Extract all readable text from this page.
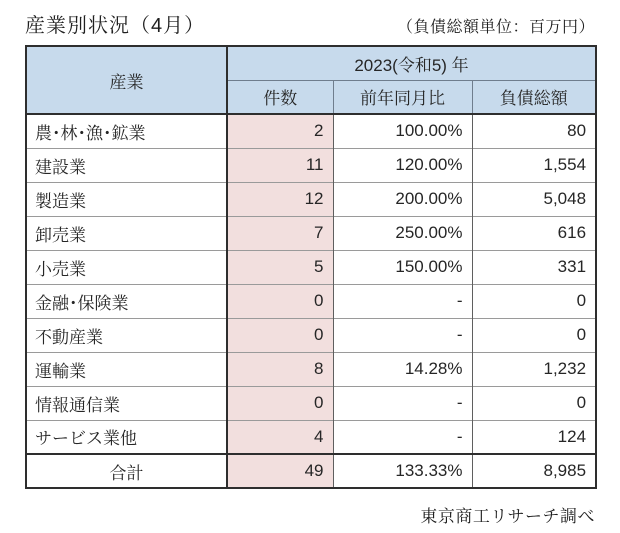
産業別状況（4月）	（負債総額単位：百万円）
産業	2023(令和5) 年		
	件数	前年同月比	負債総額
農･林･漁･鉱業	2	100.00%	80
建設業	11	120.00%	1,554
製造業	12	200.00%	5,048
卸売業	7	250.00%	616
小売業	5	150.00%	331
金融･保険業	0	-	0
不動産業	0	-	0
運輸業	8	14.28%	1,232
情報通信業	0	-	0
サービス業他	4	-	124
合計	49	133.33%	8,985
東京商工リサーチ調べ
